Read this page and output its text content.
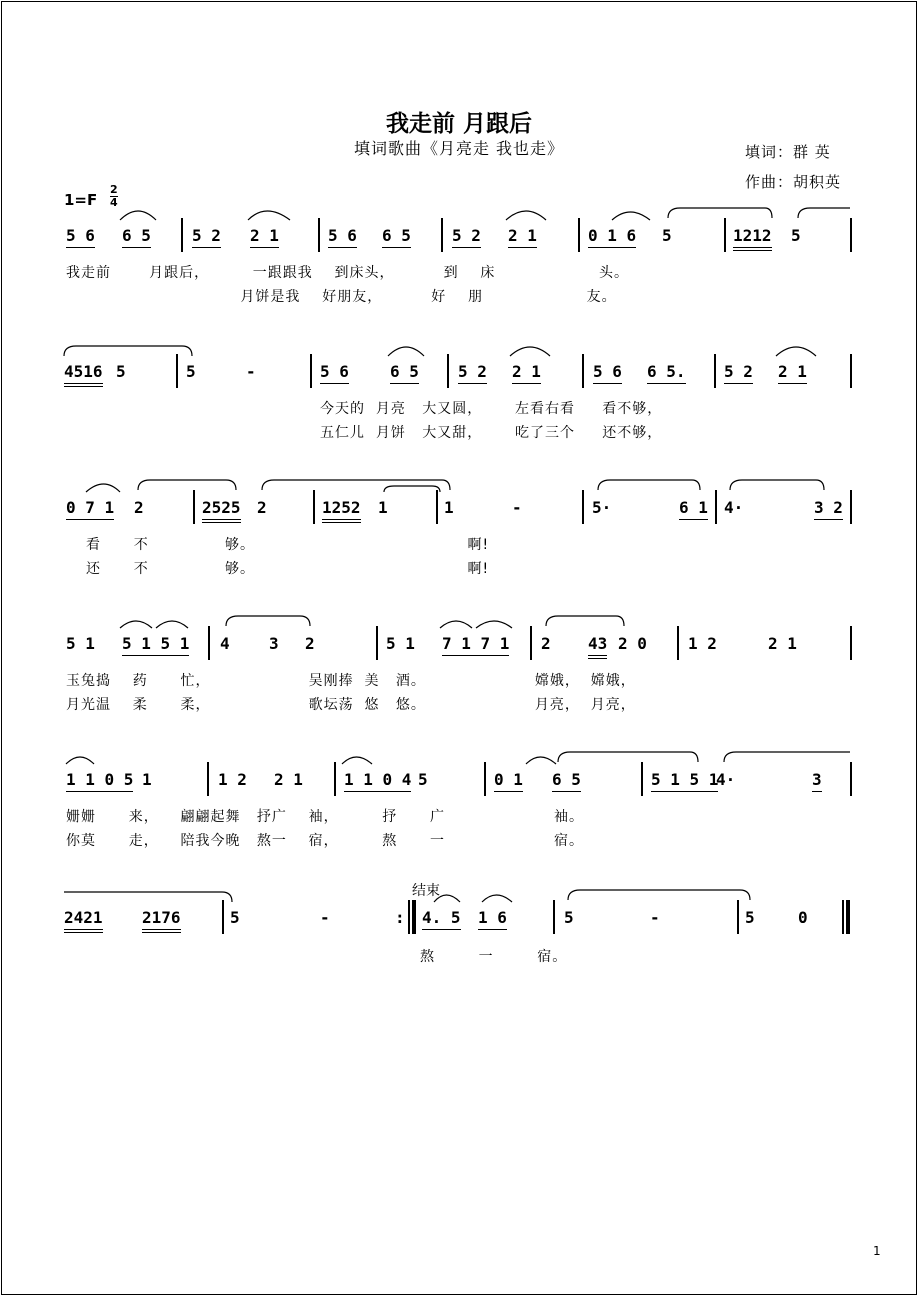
我走前 月跟后
填词歌曲《月亮走 我也走》	填词：群 英
作曲：胡积英
1=F
2
4
5 6 6 5	5 2 2 1	5 6 6 5	5 2 2 1	0 1 6 5	1212 5
我走前       月跟后，        一跟跟我    到床头，         到    床                   头。
月饼是我    好朋友，         好    朋                   友。
4516 5	5	-	5 6	6 5 5 2 2 1	5 6 6 5. 5 2 2 1
今天的  月亮   大又圆，      左看右看     看不够，
五仁儿  月饼   大又甜，      吃了三个     还不够，
0 7 1 2	2525 2	1252 1	1	-	5·	6 1 4·	3 2
看      不              够。                                       啊!
还      不              够。                                       啊!
5 1 5 1 5 1 4 3 2	5 1 7 1 7 1 2 43 2 0	1 2	2 1
玉兔捣    药      忙，                  吴刚捧  美   酒。                    嫦娥，  嫦娥，
月光温    柔      柔，                  歌坛荡  悠   悠。                    月亮，  月亮，
1 1 0 5 1	1 2 2 1	1 1 0 4 5	0 1 6 5	5 1 5 1
4·	3
姗姗      来，    翩翩起舞   抒广    袖，        抒      广                    袖。
你莫      走，    陪我今晚   熬一    宿，        熬      一                    宿。
结束
2421 2176	5	-	: 4. 5 1 6	5	-	5	0
熬        一        宿。
1
